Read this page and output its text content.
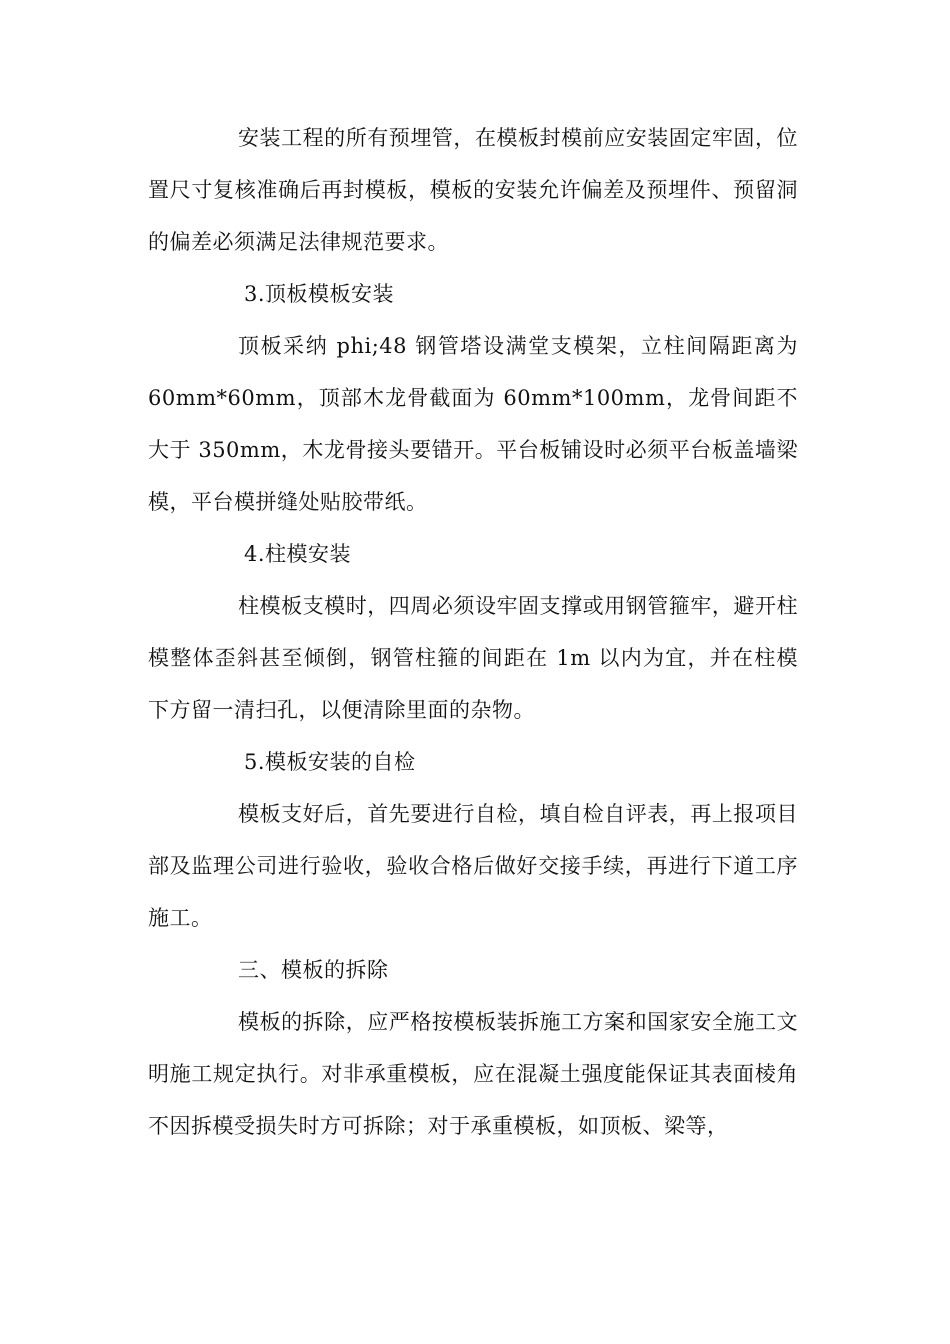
安装工程的所有预埋管，在模板封模前应安装固定牢固，位置尺寸复核准确后再封模板，模板的安装允许偏差及预埋件、预留洞的偏差必须满足法律规范要求。

3.顶板模板安装

顶板采纳 phi;48 钢管塔设满堂支模架，立柱间隔距离为 60mm*60mm，顶部木龙骨截面为 60mm*100mm，龙骨间距不大于 350mm，木龙骨接头要错开。平台板铺设时必须平台板盖墙梁模，平台模拼缝处贴胶带纸。

4.柱模安装

柱模板支模时，四周必须设牢固支撑或用钢管箍牢，避开柱模整体歪斜甚至倾倒，钢管柱箍的间距在 1m 以内为宜，并在柱模下方留一清扫孔，以便清除里面的杂物。

5.模板安装的自检

模板支好后，首先要进行自检，填自检自评表，再上报项目部及监理公司进行验收，验收合格后做好交接手续，再进行下道工序施工。

三、模板的拆除

模板的拆除，应严格按模板装拆施工方案和国家安全施工文明施工规定执行。对非承重模板，应在混凝土强度能保证其表面棱角不因拆模受损失时方可拆除；对于承重模板，如顶板、梁等，
